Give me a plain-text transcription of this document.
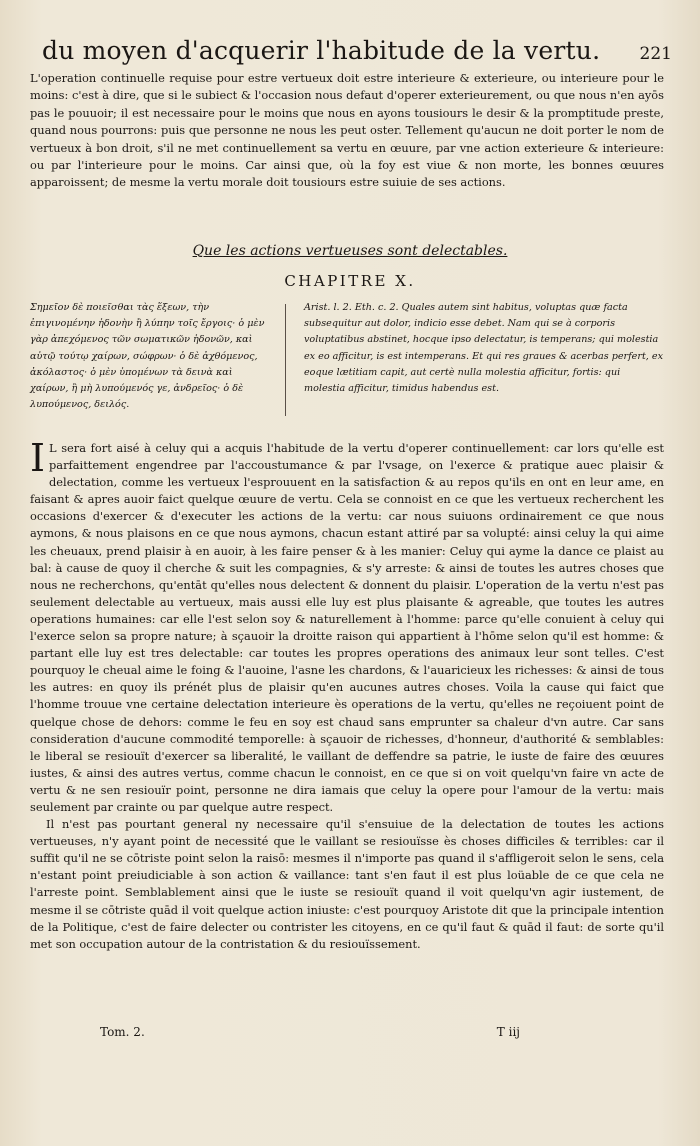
du moyen d'acquerir l'habitude de la vertu. 221

L'operation continuelle requise pour estre vertueux doit estre interieure & exterieure, ou interieure pour le moins: c'est à dire, que si le subiect & l'occasion nous defaut d'operer exterieurement, ou que nous n'en ayōs pas le pouuoir; il est necessaire pour le moins que nous en ayons tousiours le desir & la promptitude preste, quand nous pourrons: puis que personne ne nous les peut oster. Tellement qu'aucun ne doit porter le nom de vertueux à bon droit, s'il ne met continuellement sa vertu en œuure, par vne action exterieure & interieure: ou par l'interieure pour le moins. Car ainsi que, où la foy est viue & non morte, les bonnes œuures apparoissent; de mesme la vertu morale doit tousiours estre suiuie de ses actions.

Que les actions vertueuses sont delectables.
CHAPITRE X.
Σημεῖον δὲ ποιεῖσθαι τὰς ἕξεων, τὴν ἐπιγινομένην ἡδονὴν ἢ λύπην τοῖς ἔργοις· ὁ μὲν γὰρ ἀπεχόμενος τῶν σωματικῶν ἡδονῶν, καὶ αὐτῷ τούτῳ χαίρων, σώφρων· ὁ δὲ ἀχθόμενος, ἀκόλαστος· ὁ μὲν ὑπομένων τὰ δεινὰ καὶ χαίρων, ἢ μὴ λυπούμενός γε, ἀνδρεῖος· ὁ δὲ λυπούμενος, δειλός.
Arist. l. 2. Eth. c. 2. Quales autem sint habitus, voluptas quæ facta subsequitur aut dolor, indicio esse debet. Nam qui se à corporis voluptatibus abstinet, hocque ipso delectatur, is temperans; qui molestia ex eo afficitur, is est intemperans. Et qui res graues & acerbas perfert, ex eoque lætitiam capit, aut certè nulla molestia afficitur, fortis: qui molestia afficitur, timidus habendus est.

I L sera fort aisé à celuy qui a acquis l'habitude de la vertu d'operer continuellement: car lors qu'elle est parfaittement engendree par l'accoustumance & par l'vsage, on l'exerce & pratique auec plaisir & delectation, comme les vertueux l'esprouuent en la satisfaction & au repos qu'ils en ont en leur ame, en faisant & apres auoir faict quelque œuure de vertu. Cela se connoist en ce que les vertueux recherchent les occasions d'exercer & d'executer les actions de la vertu: car nous suiuons ordinairement ce que nous aymons, & nous plaisons en ce que nous aymons, chacun estant attiré par sa volupté: ainsi celuy la qui aime les cheuaux, prend plaisir à en auoir, à les faire penser & à les manier: Celuy qui ayme la dance ce plaist au bal: à cause de quoy il cherche & suit les compagnies, & s'y arreste: & ainsi de toutes les autres choses que nous ne recherchons, qu'entāt qu'elles nous delectent & donnent du plaisir. L'operation de la vertu n'est pas seulement delectable au vertueux, mais aussi elle luy est plus plaisante & agreable, que toutes les autres operations humaines: car elle l'est selon soy & naturellement à l'homme: parce qu'elle conuient à celuy qui l'exerce selon sa propre nature; à sçauoir la droitte raison qui appartient à l'hōme selon qu'il est homme: & partant elle luy est tres delectable: car toutes les propres operations des animaux leur sont telles. C'est pourquoy le cheual aime le foing & l'auoine, l'asne les chardons, & l'auaricieux les richesses: & ainsi de tous les autres: en quoy ils prénét plus de plaisir qu'en aucunes autres choses. Voila la cause qui faict que l'homme trouue vne certaine delectation interieure ès operations de la vertu, qu'elles ne reçoiuent point de quelque chose de dehors: comme le feu en soy est chaud sans emprunter sa chaleur d'vn autre. Car sans consideration d'aucune commodité temporelle: à sçauoir de richesses, d'honneur, d'authorité & semblables: le liberal se resiouït d'exercer sa liberalité, le vaillant de deffendre sa patrie, le iuste de faire des œuures iustes, & ainsi des autres vertus, comme chacun le connoist, en ce que si on voit quelqu'vn faire vn acte de vertu & ne sen resiouïr point, personne ne dira iamais que celuy la opere pour l'amour de la vertu: mais seulement par crainte ou par quelque autre respect.

Il n'est pas pourtant general ny necessaire qu'il s'ensuiue de la delectation de toutes les actions vertueuses, n'y ayant point de necessité que le vaillant se resiouïsse ès choses difficiles & terribles: car il suffit qu'il ne se cōtriste point selon la raisō: mesmes il n'importe pas quand il s'affligeroit selon le sens, cela n'estant point preiudiciable à son action & vaillance: tant s'en faut il est plus loüable de ce que cela ne l'arreste point. Semblablement ainsi que le iuste se resiouït quand il voit quelqu'vn agir iustement, de mesme il se cōtriste quād il voit quelque action iniuste: c'est pourquoy Aristote dit que la principale intention de la Politique, c'est de faire delecter ou contrister les citoyens, en ce qu'il faut & quād il faut: de sorte qu'il met son occupation autour de la contristation & du resiouïssement.

Tom. 2.	T iij
